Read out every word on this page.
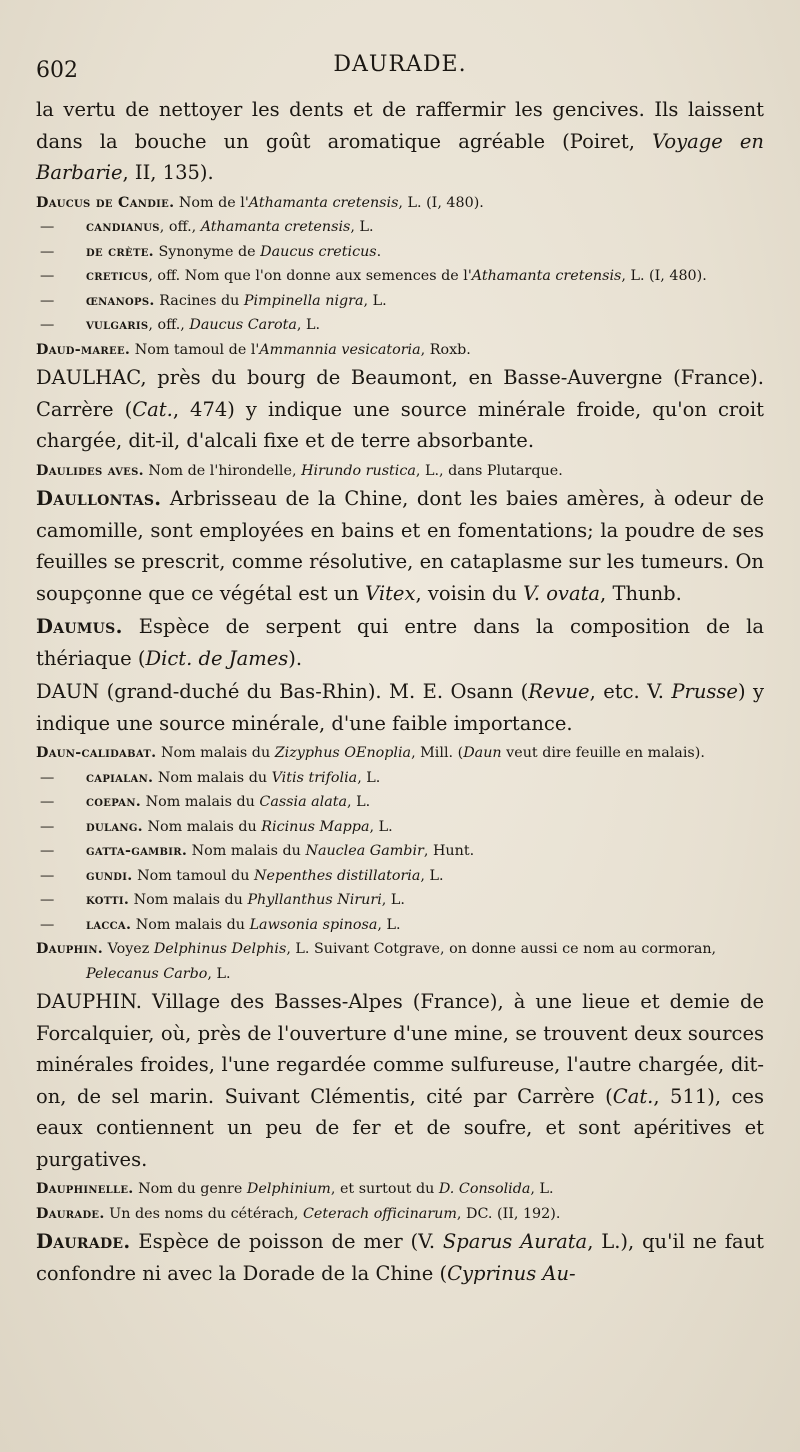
602	DAURADE.

la vertu de nettoyer les dents et de raffermir les gencives. Ils laissent dans la bouche un goût aromatique agréable (Poiret, Voyage en Barbarie, II, 135).

Daucus de Candie. Nom de l'Athamanta cretensis, L. (I, 480).

— candianus, off., Athamanta cretensis, L.

— de crète. Synonyme de Daucus creticus.

— creticus, off. Nom que l'on donne aux semences de l'Athamanta cretensis, L. (I, 480).

— œnanops. Racines du Pimpinella nigra, L.

— vulgaris, off., Daucus Carota, L.

Daud-maree. Nom tamoul de l'Ammannia vesicatoria, Roxb.

DAULHAC, près du bourg de Beaumont, en Basse-Auvergne (France). Carrère (Cat., 474) y indique une source minérale froide, qu'on croit chargée, dit-il, d'alcali fixe et de terre absorbante.

Daulides aves. Nom de l'hirondelle, Hirundo rustica, L., dans Plutarque.

Daullontas. Arbrisseau de la Chine, dont les baies amères, à odeur de camomille, sont employées en bains et en fomentations; la poudre de ses feuilles se prescrit, comme résolutive, en cataplasme sur les tumeurs. On soupçonne que ce végétal est un Vitex, voisin du V. ovata, Thunb.

Daumus. Espèce de serpent qui entre dans la composition de la thériaque (Dict. de James).

DAUN (grand-duché du Bas-Rhin). M. E. Osann (Revue, etc. V. Prusse) y indique une source minérale, d'une faible importance.

Daun-calidabat. Nom malais du Zizyphus OEnoplia, Mill. (Daun veut dire feuille en malais).

— capialan. Nom malais du Vitis trifolia, L.

— coepan. Nom malais du Cassia alata, L.

— dulang. Nom malais du Ricinus Mappa, L.

— gatta-gambir. Nom malais du Nauclea Gambir, Hunt.

— gundi. Nom tamoul du Nepenthes distillatoria, L.

— kotti. Nom malais du Phyllanthus Niruri, L.

— lacca. Nom malais du Lawsonia spinosa, L.

Dauphin. Voyez Delphinus Delphis, L. Suivant Cotgrave, on donne aussi ce nom au cormoran, Pelecanus Carbo, L.

DAUPHIN. Village des Basses-Alpes (France), à une lieue et demie de Forcalquier, où, près de l'ouverture d'une mine, se trouvent deux sources minérales froides, l'une regardée comme sulfureuse, l'autre chargée, dit-on, de sel marin. Suivant Clémentis, cité par Carrère (Cat., 511), ces eaux contiennent un peu de fer et de soufre, et sont apéritives et purgatives.

Dauphinelle. Nom du genre Delphinium, et surtout du D. Consolida, L.

Daurade. Un des noms du cétérach, Ceterach officinarum, DC. (II, 192).

Daurade. Espèce de poisson de mer (V. Sparus Aurata, L.), qu'il ne faut confondre ni avec la Dorade de la Chine (Cyprinus Au-
